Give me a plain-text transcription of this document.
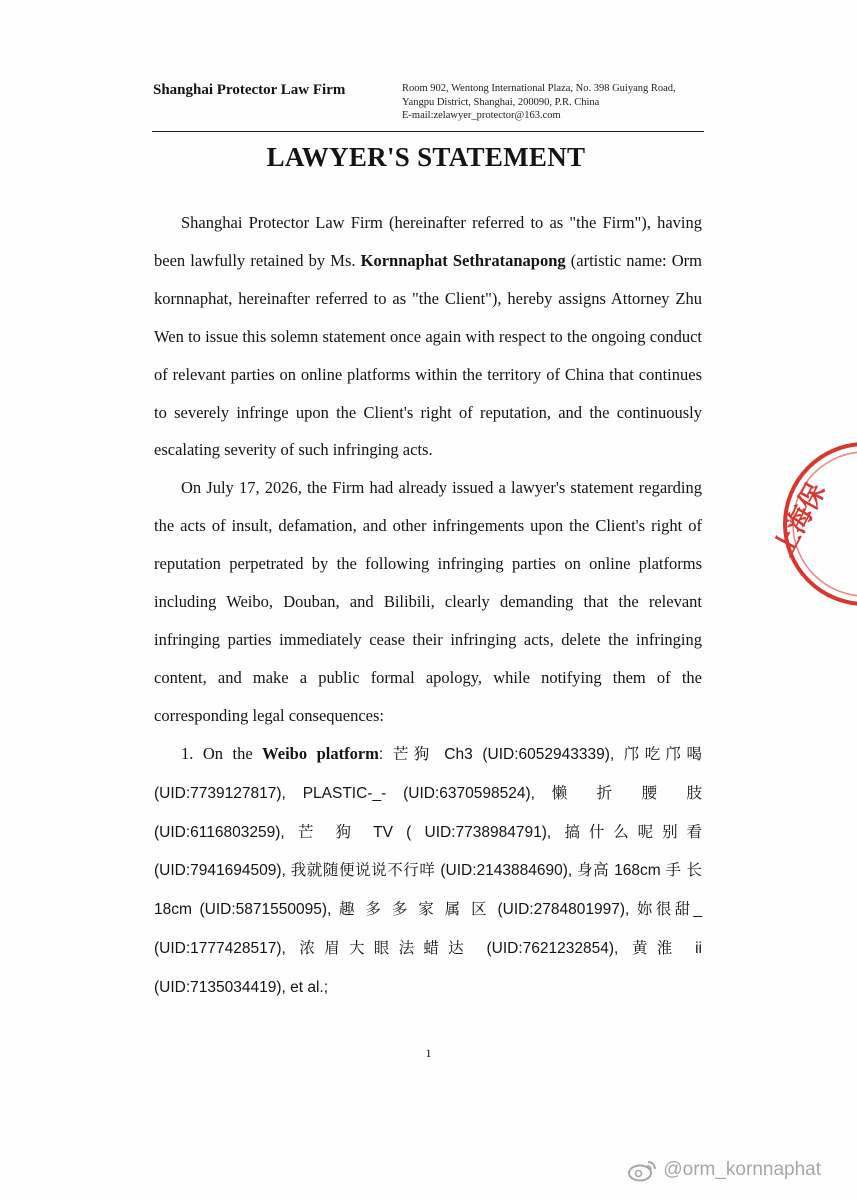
Shanghai Protector Law Firm	Room 902, Wentong International Plaza, No. 398 Guiyang Road,
Yangpu District, Shanghai, 200090, P.R. China
E-mail:zelawyer_protector@163.com
LAWYER'S STATEMENT

Shanghai Protector Law Firm (hereinafter referred to as "the Firm"), having been lawfully retained by Ms. Kornnaphat Sethratanapong (artistic name: Orm kornnaphat, hereinafter referred to as "the Client"), hereby assigns Attorney Zhu Wen to issue this solemn statement once again with respect to the ongoing conduct of relevant parties on online platforms within the territory of China that continues to severely infringe upon the Client's right of reputation, and the continuously escalating severity of such infringing acts.

On July 17, 2026, the Firm had already issued a lawyer's statement regarding the acts of insult, defamation, and other infringements upon the Client's right of reputation perpetrated by the following infringing parties on online platforms including Weibo, Douban, and Bilibili, clearly demanding that the relevant infringing parties immediately cease their infringing acts, delete the infringing content, and make a public formal apology, while notifying them of the corresponding legal consequences:

1. On the Weibo platform: 芒狗 Ch3 (UID:6052943339), 邝吃邝喝 (UID:7739127817), PLASTIC-_- (UID:6370598524), 懒 折 腰 肢 (UID:6116803259), 芒 狗 TV ( UID:7738984791), 搞什么呢别看 (UID:7941694509), 我就随便说说不行咩 (UID:2143884690), 身高 168cm 手 长 18cm (UID:5871550095), 趣 多 多 家 属 区 (UID:2784801997), 妳很甜_ (UID:1777428517), 浓眉大眼法蜡达 (UID:7621232854), 黄淮 ii (UID:7135034419), et al.;

1
上海保
@orm_kornnaphat
